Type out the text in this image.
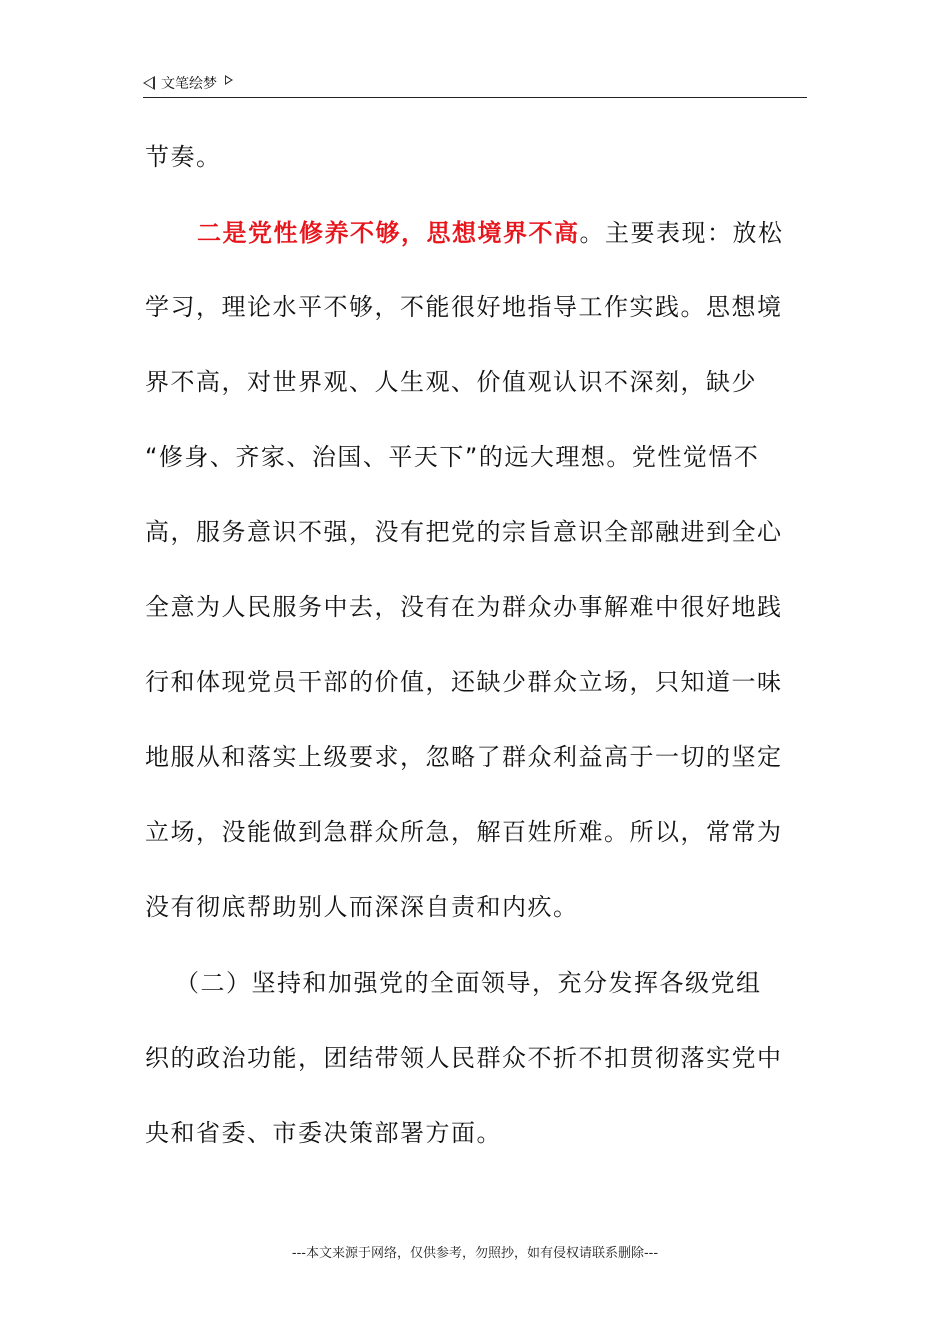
文笔绘梦
节奏。
二是党性修养不够，思想境界不高。主要表现：放松
学习，理论水平不够，不能很好地指导工作实践。思想境
界不高，对世界观、人生观、价值观认识不深刻，缺少
“修身、齐家、治国、平天下”的远大理想。党性觉悟不
高，服务意识不强，没有把党的宗旨意识全部融进到全心
全意为人民服务中去，没有在为群众办事解难中很好地践
行和体现党员干部的价值，还缺少群众立场，只知道一味
地服从和落实上级要求，忽略了群众利益高于一切的坚定
立场，没能做到急群众所急，解百姓所难。所以，常常为
没有彻底帮助别人而深深自责和内疚。
（二）坚持和加强党的全面领导，充分发挥各级党组
织的政治功能，团结带领人民群众不折不扣贯彻落实党中
央和省委、市委决策部署方面。
---本文来源于网络，仅供参考，勿照抄，如有侵权请联系删除---
